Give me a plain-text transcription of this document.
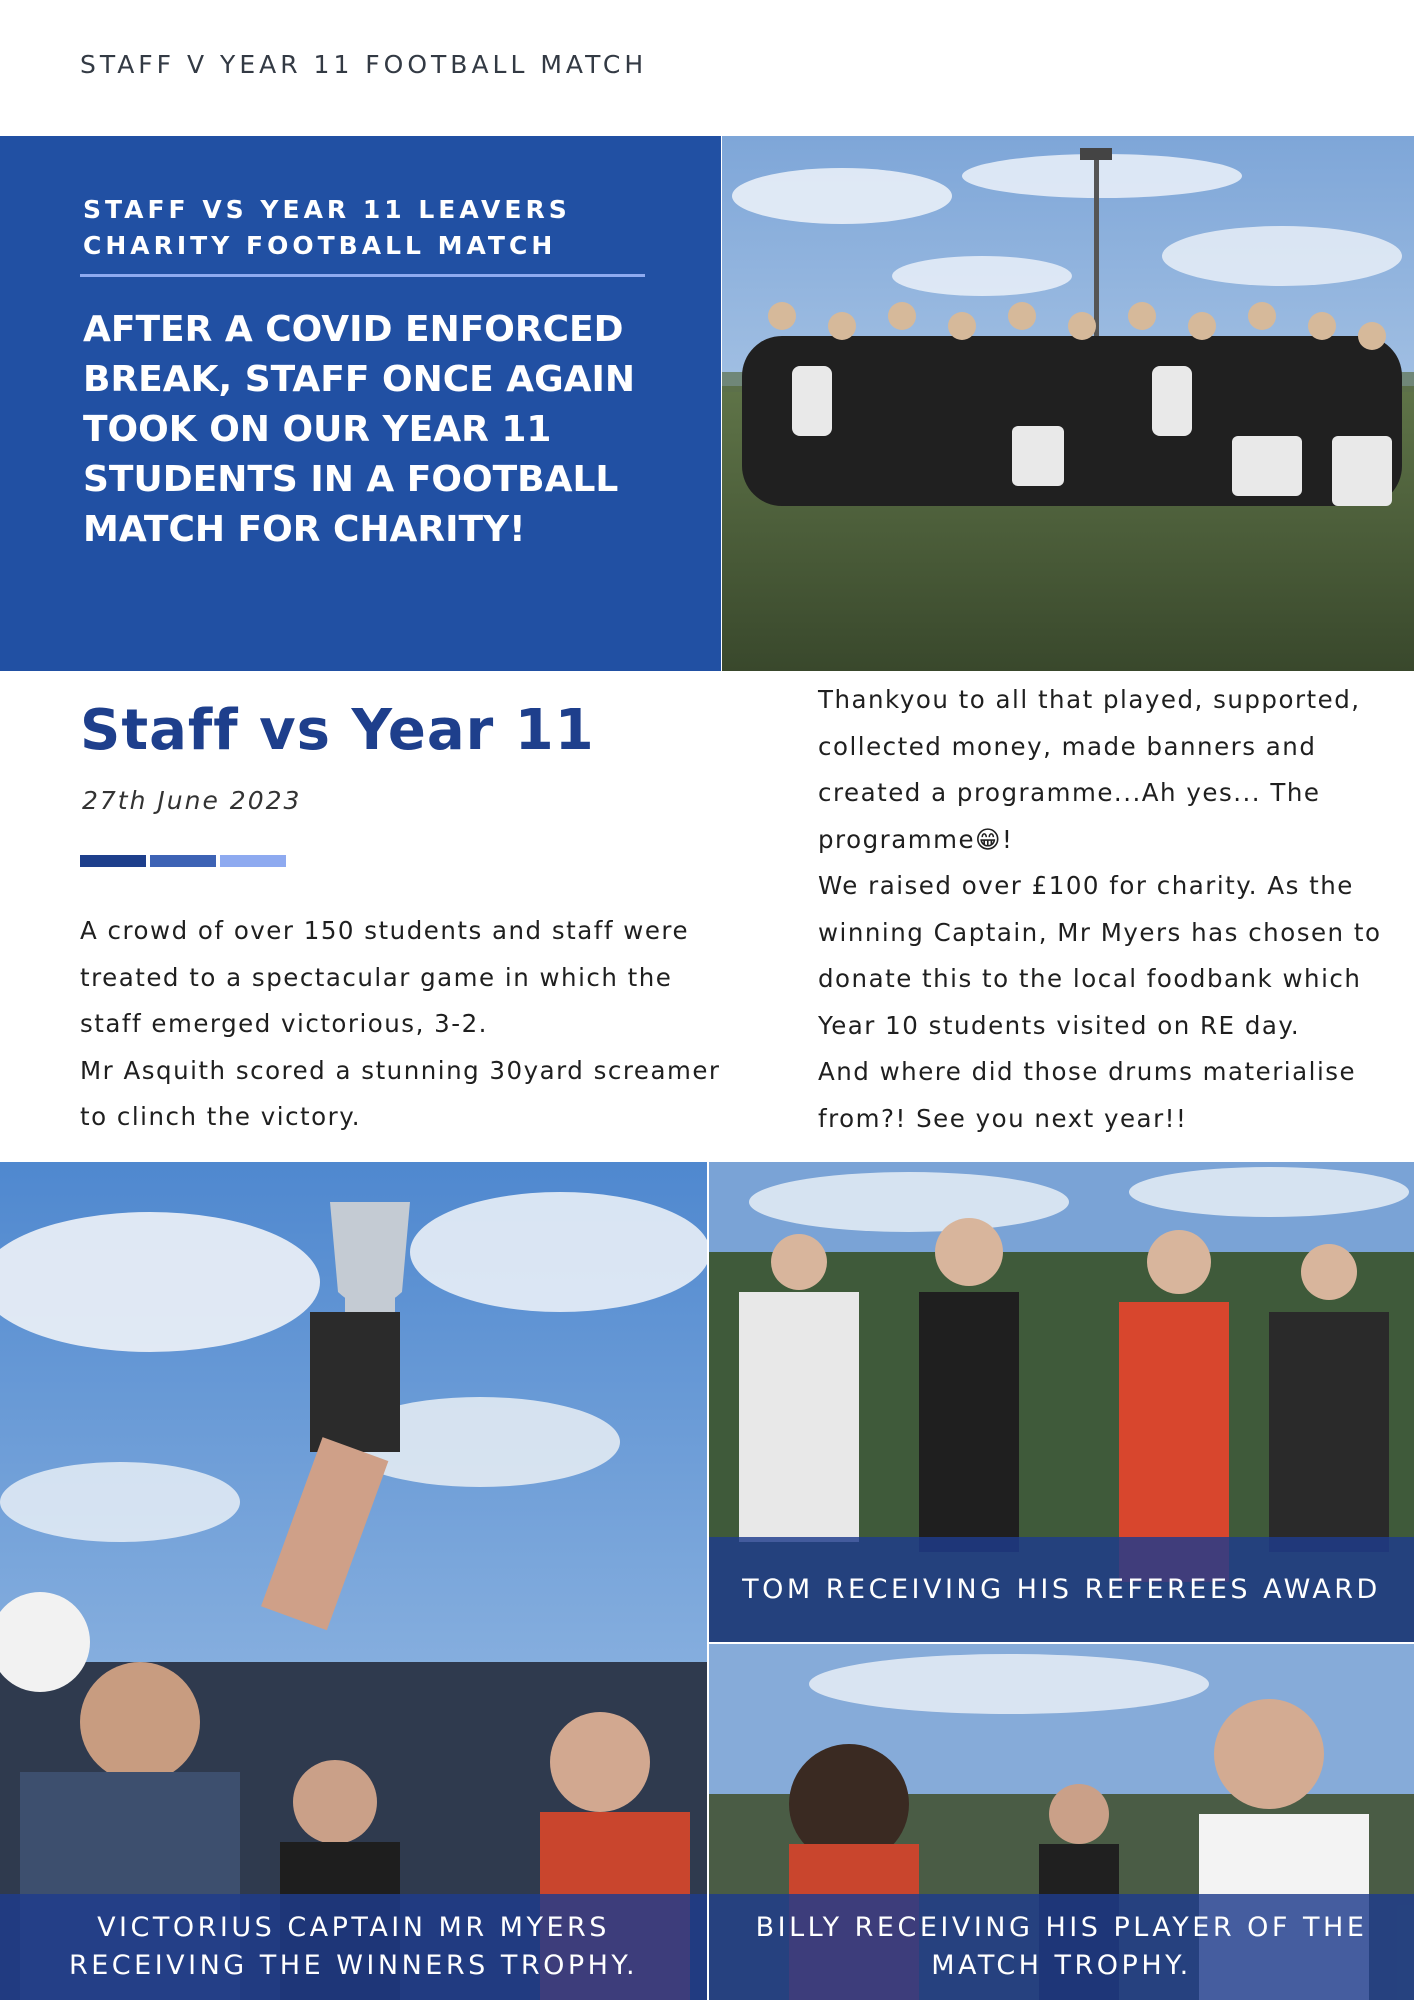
STAFF V YEAR 11 FOOTBALL MATCH
STAFF VS YEAR 11 LEAVERS CHARITY FOOTBALL MATCH
AFTER A COVID ENFORCED BREAK, STAFF ONCE AGAIN TOOK ON OUR YEAR 11 STUDENTS IN A FOOTBALL MATCH FOR CHARITY!
Staff vs Year 11
27th June 2023

A crowd of over 150 students and staff were treated to a spectacular game in which the staff emerged victorious, 3-2.

Mr Asquith scored a stunning 30yard screamer to clinch the victory.

Thankyou to all that played, supported, collected money, made banners and created a programme...Ah yes... The programme😁!

We raised over £100 for charity. As the winning Captain, Mr Myers has chosen to donate this to the local foodbank which Year 10 students visited on RE day.

And where did those drums materialise from?! See you next year!!

TOM RECEIVING HIS REFEREES AWARD
VICTORIUS CAPTAIN MR MYERS RECEIVING THE WINNERS TROPHY.
BILLY RECEIVING HIS PLAYER OF THE MATCH TROPHY.
